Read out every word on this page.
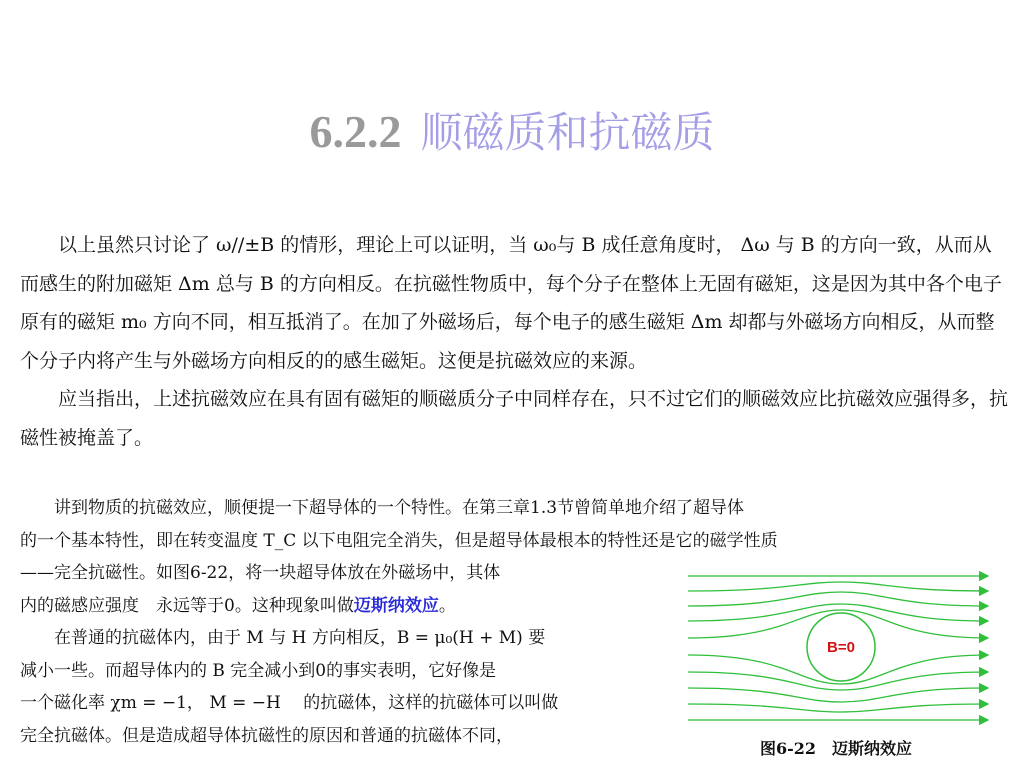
6.2.2 顺磁质和抗磁质

以上虽然只讨论了 ω//±B 的情形，理论上可以证明，当 ω₀与 B 成任意角度时， Δω 与 B 的方向一致，从而从而感生的附加磁矩 Δm 总与 B 的方向相反。在抗磁性物质中，每个分子在整体上无固有磁矩，这是因为其中各个电子原有的磁矩 m₀ 方向不同，相互抵消了。在加了外磁场后，每个电子的感生磁矩 Δm 却都与外磁场方向相反，从而整个分子内将产生与外磁场方向相反的的感生磁矩。这便是抗磁效应的来源。

应当指出，上述抗磁效应在具有固有磁矩的顺磁质分子中同样存在，只不过它们的顺磁效应比抗磁效应强得多，抗磁性被掩盖了。

讲到物质的抗磁效应，顺便提一下超导体的一个特性。在第三章1.3节曾简单地介绍了超导体

的一个基本特性，即在转变温度 T_C 以下电阻完全消失，但是超导体最根本的特性还是它的磁学性质

——完全抗磁性。如图6-22，将一块超导体放在外磁场中，其体

内的磁感应强度　永远等于0。这种现象叫做迈斯纳效应。

在普通的抗磁体内，由于 M 与 H 方向相反，B = μ₀(H + M) 要

减小一些。而超导体内的 B 完全减小到0的事实表明，它好像是

一个磁化率 χm = −1， M = −H 　的抗磁体，这样的抗磁体可以叫做

完全抗磁体。但是造成超导体抗磁性的原因和普通的抗磁体不同，

B=0
图6-22　迈斯纳效应
